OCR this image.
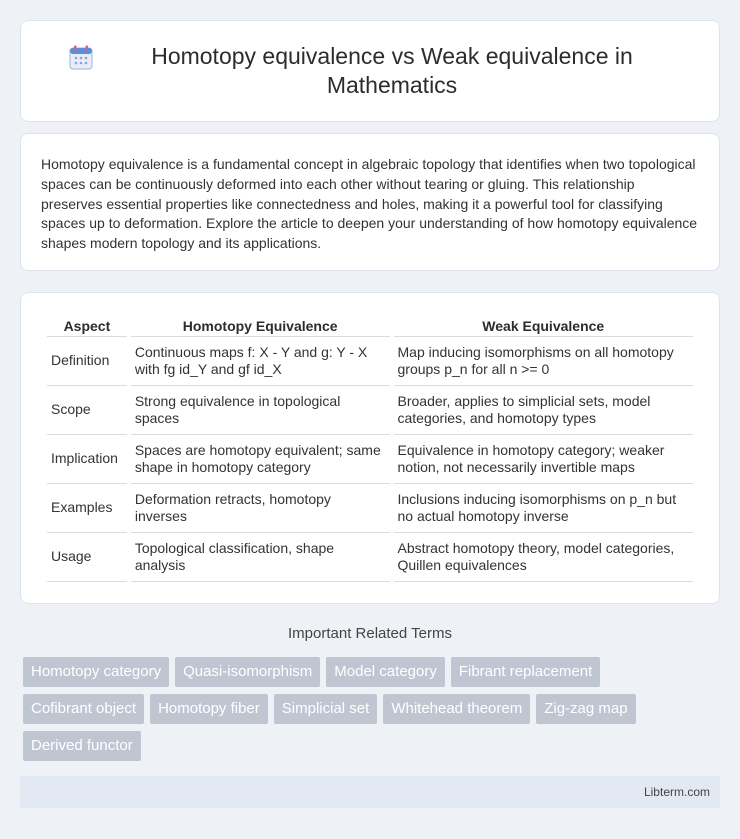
Homotopy equivalence vs Weak equivalence in Mathematics

Homotopy equivalence is a fundamental concept in algebraic topology that identifies when two topological spaces can be continuously deformed into each other without tearing or gluing. This relationship preserves essential properties like connectedness and holes, making it a powerful tool for classifying spaces up to deformation. Explore the article to deepen your understanding of how homotopy equivalence shapes modern topology and its applications.

Aspect	Homotopy Equivalence	Weak Equivalence
Definition	Continuous maps f: X - Y and g: Y - X with fg id_Y and gf id_X	Map inducing isomorphisms on all homotopy groups p_n for all n >= 0
Scope	Strong equivalence in topological spaces	Broader, applies to simplicial sets, model categories, and homotopy types
Implication	Spaces are homotopy equivalent; same shape in homotopy category	Equivalence in homotopy category; weaker notion, not necessarily invertible maps
Examples	Deformation retracts, homotopy inverses	Inclusions inducing isomorphisms on p_n but no actual homotopy inverse
Usage	Topological classification, shape analysis	Abstract homotopy theory, model categories, Quillen equivalences
Important Related Terms
Homotopy category	Quasi-isomorphism	Model category	Fibrant replacement
Cofibrant object	Homotopy fiber	Simplicial set	Whitehead theorem	Zig-zag map
Derived functor
Libterm.com
